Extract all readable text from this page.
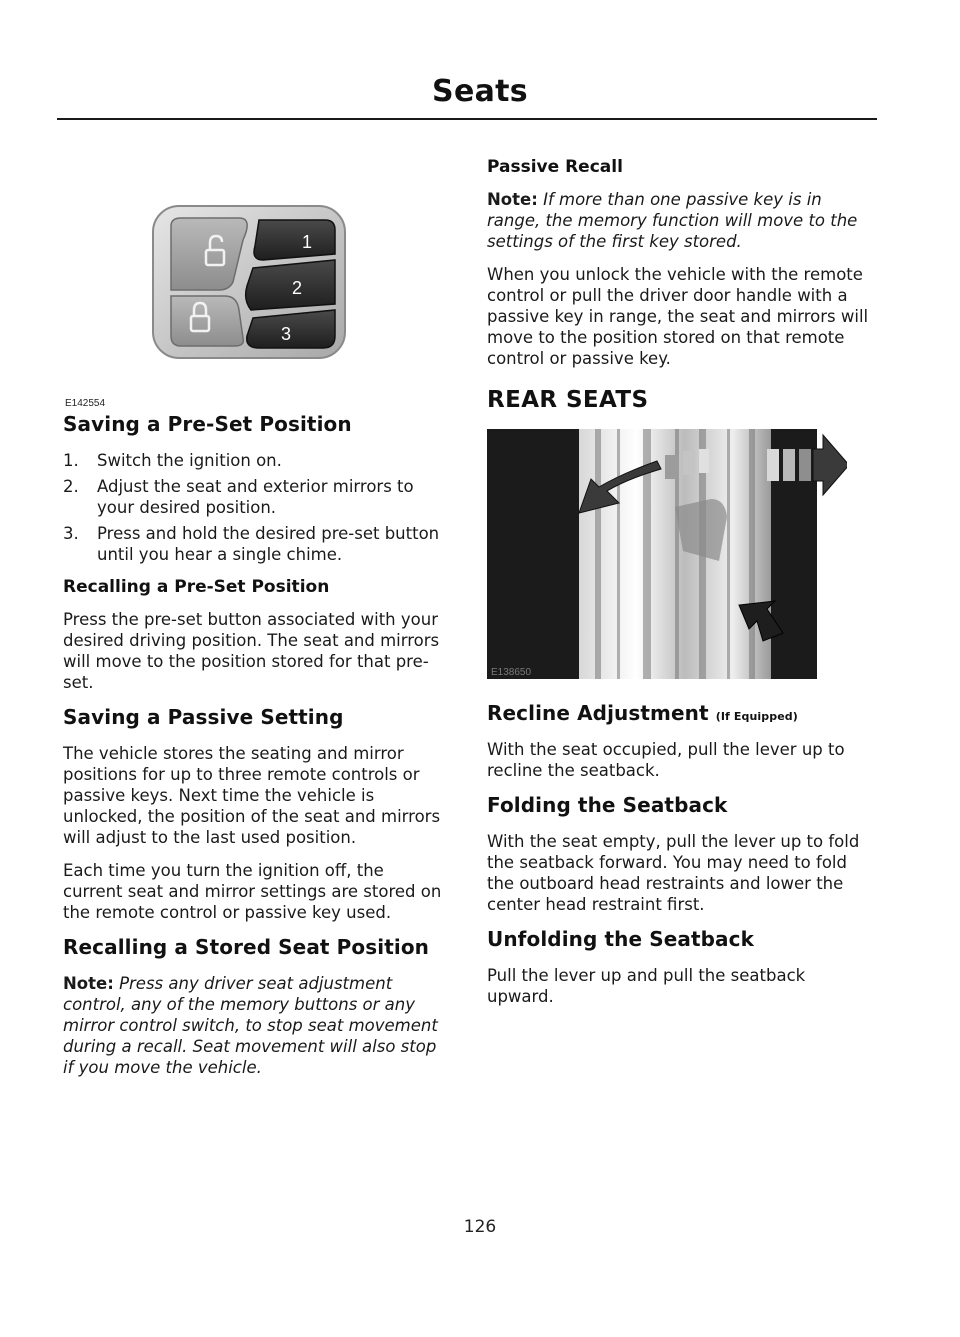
Seats
1
2
3
E142554
Saving a Pre-Set Position
1. Switch the ignition on.
2. Adjust the seat and exterior mirrors to your desired position.
3. Press and hold the desired pre-set button until you hear a single chime.
Recalling a Pre-Set Position

Press the pre-set button associated with your desired driving position. The seat and mirrors will move to the position stored for that pre-set.

Saving a Passive Setting

The vehicle stores the seating and mirror positions for up to three remote controls or passive keys. Next time the vehicle is unlocked, the position of the seat and mirrors will adjust to the last used position.

Each time you turn the ignition off, the current seat and mirror settings are stored on the remote control or passive key used.

Recalling a Stored Seat Position

Note: Press any driver seat adjustment control, any of the memory buttons or any mirror control switch, to stop seat movement during a recall. Seat movement will also stop if you move the vehicle.

Passive Recall

Note: If more than one passive key is in range, the memory function will move to the settings of the first key stored.

When you unlock the vehicle with the remote control or pull the driver door handle with a passive key in range, the seat and mirrors will move to the position stored on that remote control or passive key.

REAR SEATS
E138650
Recline Adjustment (If Equipped)

With the seat occupied, pull the lever up to recline the seatback.

Folding the Seatback

With the seat empty, pull the lever up to fold the seatback forward. You may need to fold the outboard head restraints and lower the center head restraint first.

Unfolding the Seatback

Pull the lever up and pull the seatback upward.

126
